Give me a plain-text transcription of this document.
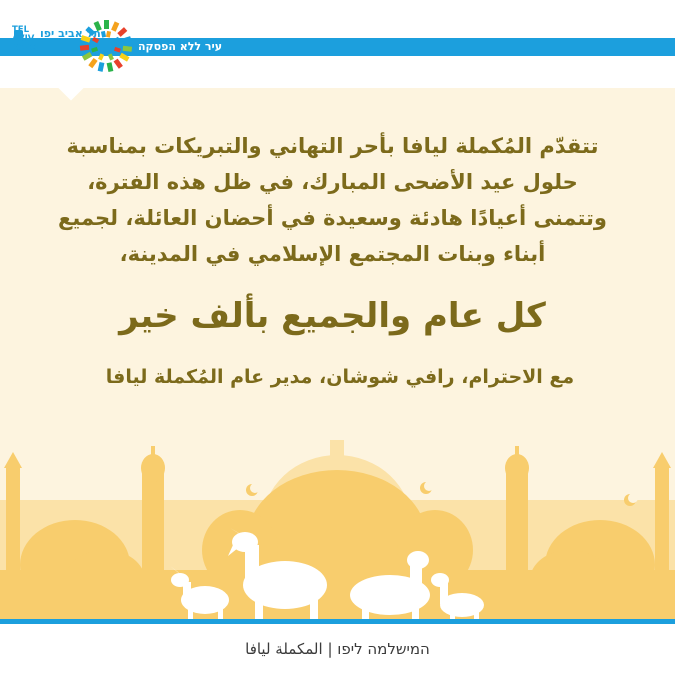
עיר ללא הפסקה
תל אביב יפו
TEL
AVIV
YAFO

تتقدّم المُكملة ليافا بأحر التهاني والتبريكات بمناسبة

حلول عيد الأضحى المبارك، في ظل هذه الفترة،

وتتمنى أعيادًا هادئة وسعيدة في أحضان العائلة، لجميع

أبناء وبنات المجتمع الإسلامي في المدينة،

كل عام والجميع بألف خير
مع الاحترام، رافي شوشان، مدير عام المُكملة ليافا
המישלמה ליפו | المكملة ليافا
